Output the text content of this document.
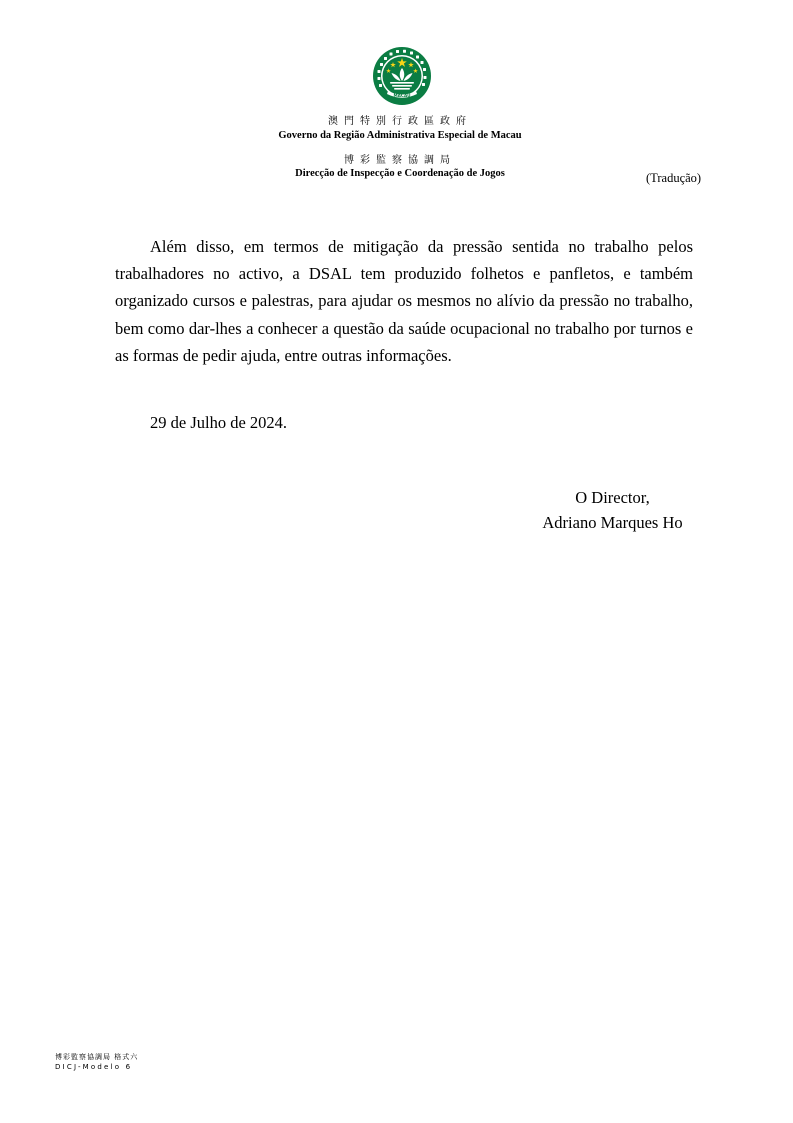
MACAU
澳門特別行政區政府
Governo da Região Administrativa Especial de Macau
博彩監察協調局
Direcção de Inspecção e Coordenação de Jogos	(Tradução)

Além disso, em termos de mitigação da pressão sentida no trabalho pelos trabalhadores no activo, a DSAL tem produzido folhetos e panfletos, e também organizado cursos e palestras, para ajudar os mesmos no alívio da pressão no trabalho, bem como dar-lhes a conhecer a questão da saúde ocupacional no trabalho por turnos e as formas de pedir ajuda, entre outras informações.

29 de Julho de 2024.
O Director,
Adriano Marques Ho
博彩監察協調局 格式六
DICJ-Modelo 6
